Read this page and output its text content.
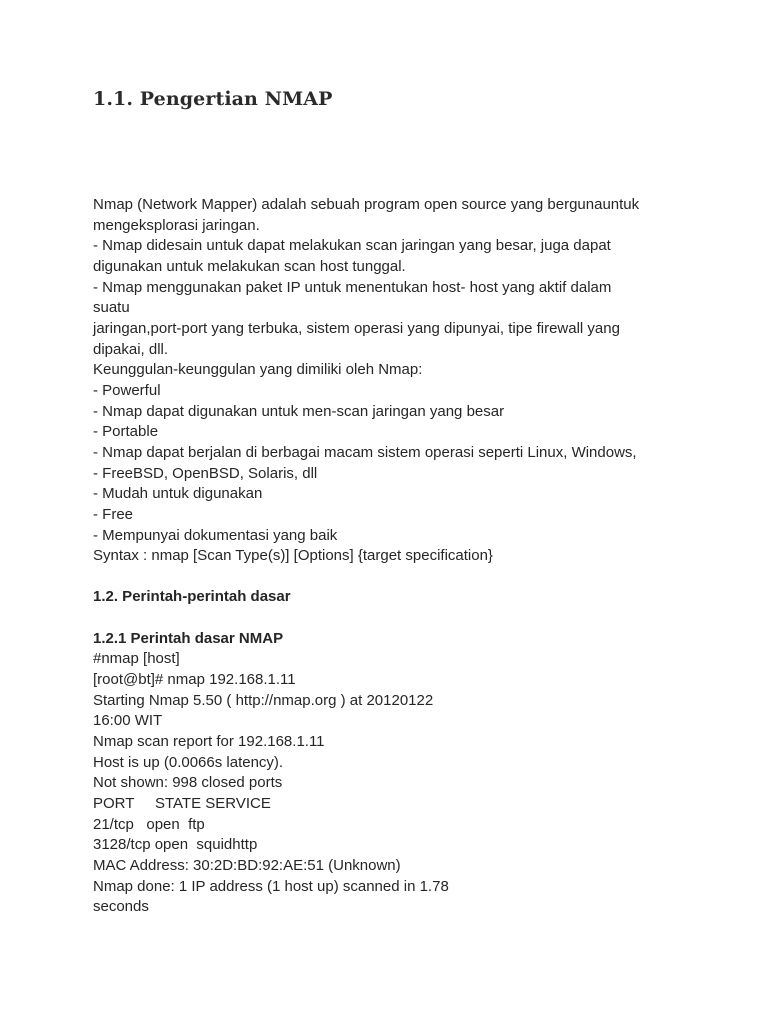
1.1. Pengertian NMAP
Nmap (Network Mapper) adalah sebuah program open source yang bergunauntuk
mengeksplorasi jaringan.
- Nmap didesain untuk dapat melakukan scan jaringan yang besar, juga dapat
digunakan untuk melakukan scan host tunggal.
- Nmap menggunakan paket IP untuk menentukan host- host yang aktif dalam
suatu
jaringan,port-port yang terbuka, sistem operasi yang dipunyai, tipe firewall yang
dipakai, dll.
Keunggulan-keunggulan yang dimiliki oleh Nmap:
- Powerful
- Nmap dapat digunakan untuk men-scan jaringan yang besar
- Portable
- Nmap dapat berjalan di berbagai macam sistem operasi seperti Linux, Windows,
- FreeBSD, OpenBSD, Solaris, dll
- Mudah untuk digunakan
- Free
- Mempunyai dokumentasi yang baik
Syntax : nmap [Scan Type(s)] [Options] {target specification}
1.2. Perintah-perintah dasar
1.2.1 Perintah dasar NMAP
#nmap [host]
[root@bt]# nmap 192.168.1.11
Starting Nmap 5.50 ( http://nmap.org ) at 20120122
16:00 WIT
Nmap scan report for 192.168.1.11
Host is up (0.0066s latency).
Not shown: 998 closed ports
PORT     STATE SERVICE
21/tcp   open  ftp
3128/tcp open  squidhttp
MAC Address: 30:2D:BD:92:AE:51 (Unknown)
Nmap done: 1 IP address (1 host up) scanned in 1.78
seconds
